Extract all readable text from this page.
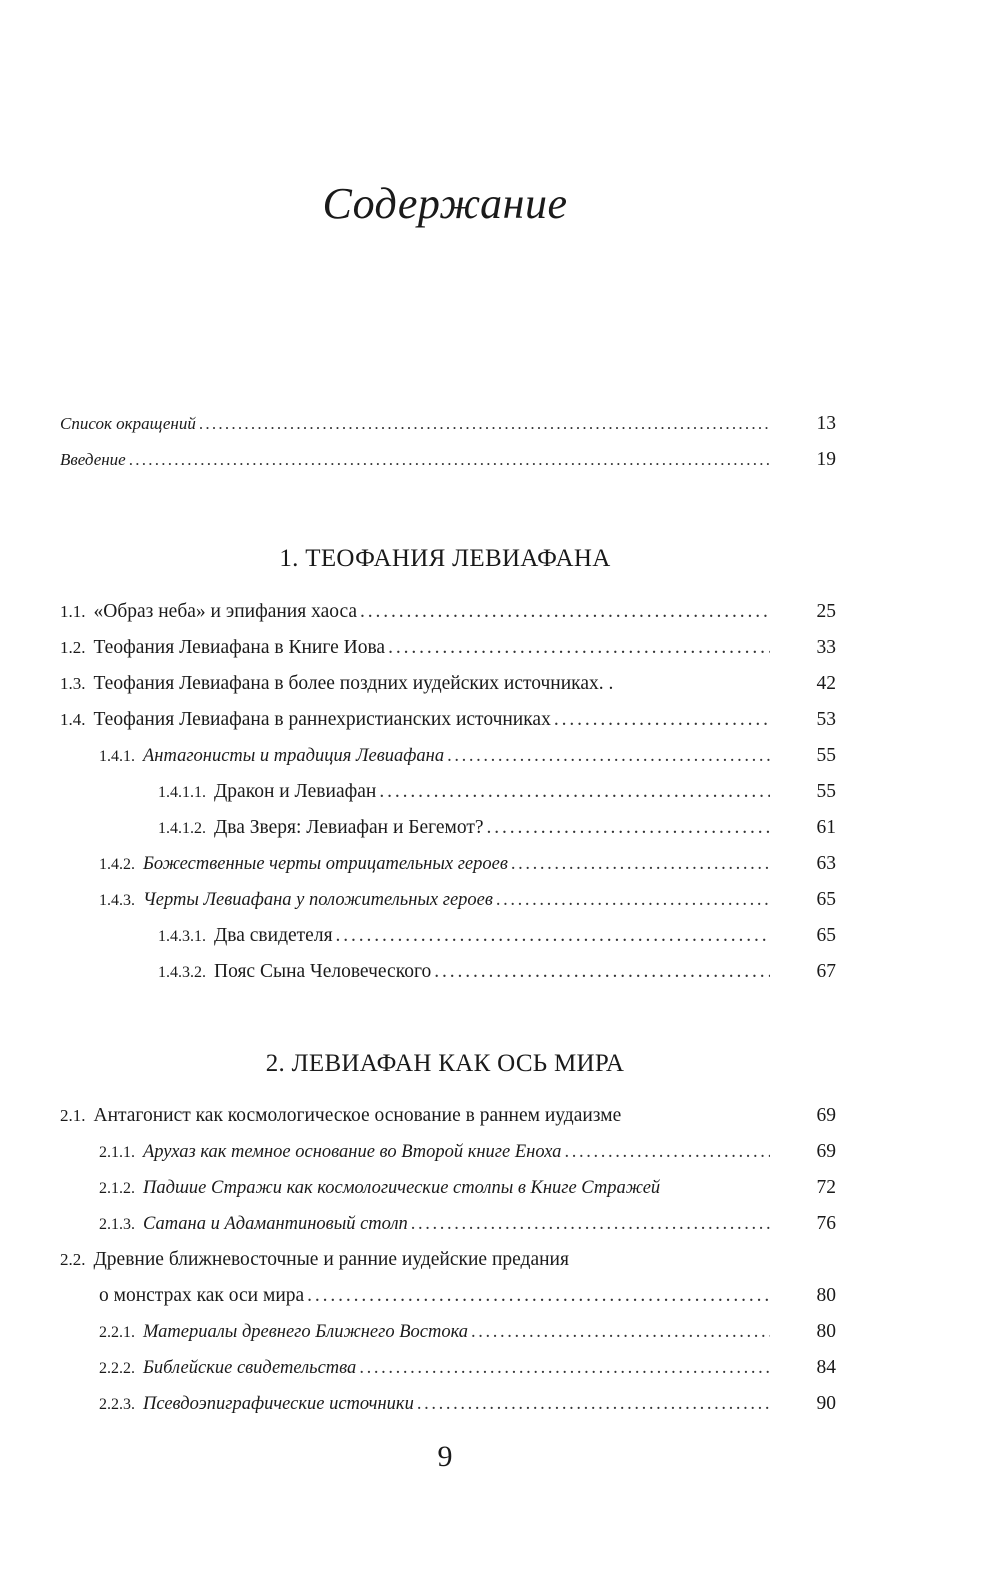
Содержание
Список окращений . . .	13
Введение . . .	19
1. ТЕОФАНИЯ ЛЕВИАФАНА
1.1. «Образ неба» и эпифания хаоса . . .	25
1.2. Теофания Левиафана в Книге Иова . . .	33
1.3. Теофания Левиафана в более поздних иудейских источниках. .	42
1.4. Теофания Левиафана в раннехристианских источниках . . .	53
1.4.1. Антагонисты и традиция Левиафана . . .	55
1.4.1.1. Дракон и Левиафан . . .	55
1.4.1.2. Два Зверя: Левиафан и Бегемот? . . .	61
1.4.2. Божественные черты отрицательных героев . . .	63
1.4.3. Черты Левиафана у положительных героев . . .	65
1.4.3.1. Два свидетеля . . .	65
1.4.3.2. Пояс Сына Человеческого . . .	67
2. ЛЕВИАФАН КАК ОСЬ МИРА
2.1. Антагонист как космологическое основание в раннем иудаизме	69
2.1.1. Арухаз как темное основание во Второй книге Еноха . . .	69
2.1.2. Падшие Стражи как космологические столпы в Книге Стражей	72
2.1.3. Сатана и Адамантиновый столп . . .	76
2.2. Древние ближневосточные и ранние иудейские предания
о монстрах как оси мира . . .	80
2.2.1. Материалы древнего Ближнего Востока . . .	80
2.2.2. Библейские свидетельства . . .	84
2.2.3. Псевдоэпиграфические источники . . .	90
9
